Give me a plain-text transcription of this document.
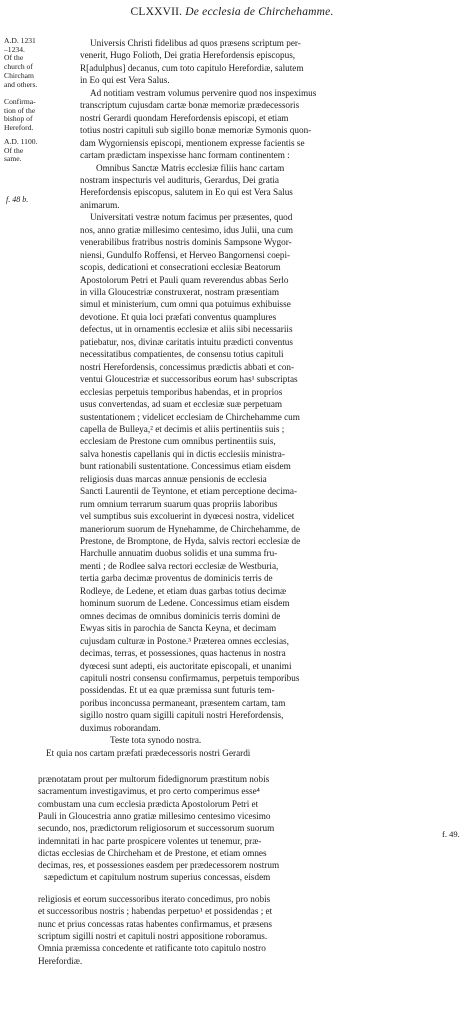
CLXXVII. De ecclesia de Chirchehamme.
A.D. 1231
–1234.
Of the
church of
Chircham
and others.
Confirma-
tion of the
bishop of
Hereford.
A.D. 1100.
Of the
same.
f. 48 b.
f. 49.
Universis Christi fidelibus ad quos præsens scriptum per-
venerit, Hugo Folioth, Dei gratia Herefordensis episcopus,
R[adulphus] decanus, cum toto capitulo Herefordiæ, salutem
in Eo qui est Vera Salus.
Ad notitiam vestram volumus pervenire quod nos inspeximus
transcriptum cujusdam cartæ bonæ memoriæ prædecessoris
nostri Gerardi quondam Herefordensis episcopi, et etiam
totius nostri capituli sub sigillo bonæ memoriæ Symonis quon-
dam Wygorniensis episcopi, mentionem expresse facientis se
cartam prædictam inspexisse hanc formam continentem :
Omnibus Sanctæ Matris ecclesiæ filiis hanc cartam
nostram inspecturis vel audituris, Gerardus, Dei gratia
Herefordensis episcopus, salutem in Eo qui est Vera Salus
animarum.
Universitati vestræ notum facimus per præsentes, quod
nos, anno gratiæ millesimo centesimo, idus Julii, una cum
venerabilibus fratribus nostris dominis Sampsone Wygor-
niensi, Gundulfo Roffensi, et Herveo Bangornensi coepi-
scopis, dedicationi et consecrationi ecclesiæ Beatorum
Apostolorum Petri et Pauli quam reverendus abbas Serlo
in villa Gloucestriæ construxerat, nostram præsentiam
simul et ministerium, cum omni qua potuimus exhibuisse
devotione. Et quia loci præfati conventus quamplures
defectus, ut in ornamentis ecclesiæ et aliis sibi necessariis
patiebatur, nos, divinæ caritatis intuitu prædicti conventus
necessitatibus compatientes, de consensu totius capituli
nostri Herefordensis, concessimus prædictis abbati et con-
ventui Gloucestriæ et successoribus eorum has¹ subscriptas
ecclesias perpetuis temporibus habendas, et in proprios
usus convertendas, ad suam et ecclesiæ suæ perpetuam
sustentationem ; videlicet ecclesiam de Chirchehamme cum
capella de Bulleya,² et decimis et aliis pertinentiis suis ;
ecclesiam de Prestone cum omnibus pertinentiis suis,
salva honestis capellanis qui in dictis ecclesiis ministra-
bunt rationabili sustentatione. Concessimus etiam eisdem
religiosis duas marcas annuæ pensionis de ecclesia
Sancti Laurentii de Teyntone, et etiam perceptione decima-
rum omnium terrarum suarum quas propriis laboribus
vel sumptibus suis excoluerint in dyœcesi nostra, videlicet
maneriorum suorum de Hynehamme, de Chirchehamme, de
Prestone, de Bromptone, de Hyda, salvis rectori ecclesiæ de
Harchulle annuatim duobus solidis et una summa fru-
menti ; de Rodlee salva rectori ecclesiæ de Westburia,
tertia garba decimæ proventus de dominicis terris de
Rodleye, de Ledene, et etiam duas garbas totius decimæ
hominum suorum de Ledene. Concessimus etiam eisdem
omnes decimas de omnibus dominicis terris domini de
Ewyas sitis in parochia de Sancta Keyna, et decimam
cujusdam culturæ in Postone.³ Præterea omnes ecclesias,
decimas, terras, et possessiones, quas hactenus in nostra
dyœcesi sunt adepti, eis auctoritate episcopali, et unanimi
capituli nostri consensu confirmamus, perpetuis temporibus
possidendas. Et ut ea quæ præmissa sunt futuris tem-
poribus inconcussa permaneant, præsentem cartam, tam
sigillo nostro quam sigilli capituli nostri Herefordensis,
duximus roborandam.
Teste tota synodo nostra.
Et quia nos cartam præfati prædecessoris nostri Gerardi
prænotatam prout per multorum fidedignorum præstitum nobis
sacramentum investigavimus, et pro certo comperimus esse⁴
combustam una cum ecclesia prædicta Apostolorum Petri et
Pauli in Gloucestria anno gratiæ millesimo centesimo vicesimo
secundo, nos, prædictorum religiosorum et successorum suorum
indemnitati in hac parte prospicere volentes ut tenemur, præ-
dictas ecclesias de Chircheham et de Prestone, et etiam omnes
decimas, res, et possessiones easdem per prædecessorem nostrum
sæpedictum et capitulum nostrum superius concessas, eisdem
religiosis et eorum successoribus iterato concedimus, pro nobis
et successoribus nostris ; habendas perpetuo¹ et possidendas ; et
nunc et prius concessas ratas habentes confirmamus, et præsens
scriptum sigilli nostri et capituli nostri appositione roboramus.
Omnia præmissa concedente et ratificante toto capitulo nostro
Herefordiæ.
